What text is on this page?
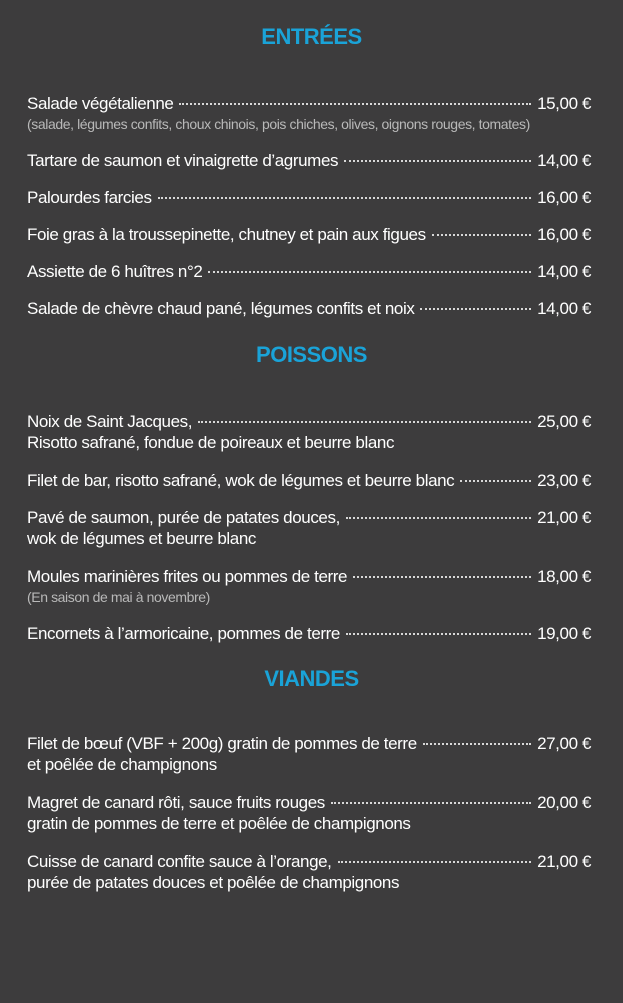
ENTRÉES
Salade végétalienne	15,00 €
(salade, légumes confits, choux chinois, pois chiches, olives, oignons rouges, tomates)
Tartare de saumon et vinaigrette d’agrumes	14,00 €
Palourdes farcies	16,00 €
Foie gras à la troussepinette, chutney et pain aux figues	16,00 €
Assiette de 6 huîtres n°2	14,00 €
Salade de chèvre chaud pané, légumes confits et noix	14,00 €
POISSONS
Noix de Saint Jacques,	25,00 €
Risotto safrané, fondue de poireaux et beurre blanc
Filet de bar, risotto safrané, wok de légumes et beurre blanc	23,00 €
Pavé de saumon, purée de patates douces,	21,00 €
wok de légumes et beurre blanc
Moules marinières frites ou pommes de terre	18,00 €
(En saison de mai à novembre)
Encornets à l’armoricaine, pommes de terre	19,00 €
VIANDES
Filet de bœuf (VBF + 200g) gratin de pommes de terre	27,00 €
et poêlée de champignons
Magret de canard rôti, sauce fruits rouges	20,00 €
gratin de pommes de terre et poêlée de champignons
Cuisse de canard confite sauce à l’orange,	21,00 €
purée de patates douces et poêlée de champignons
